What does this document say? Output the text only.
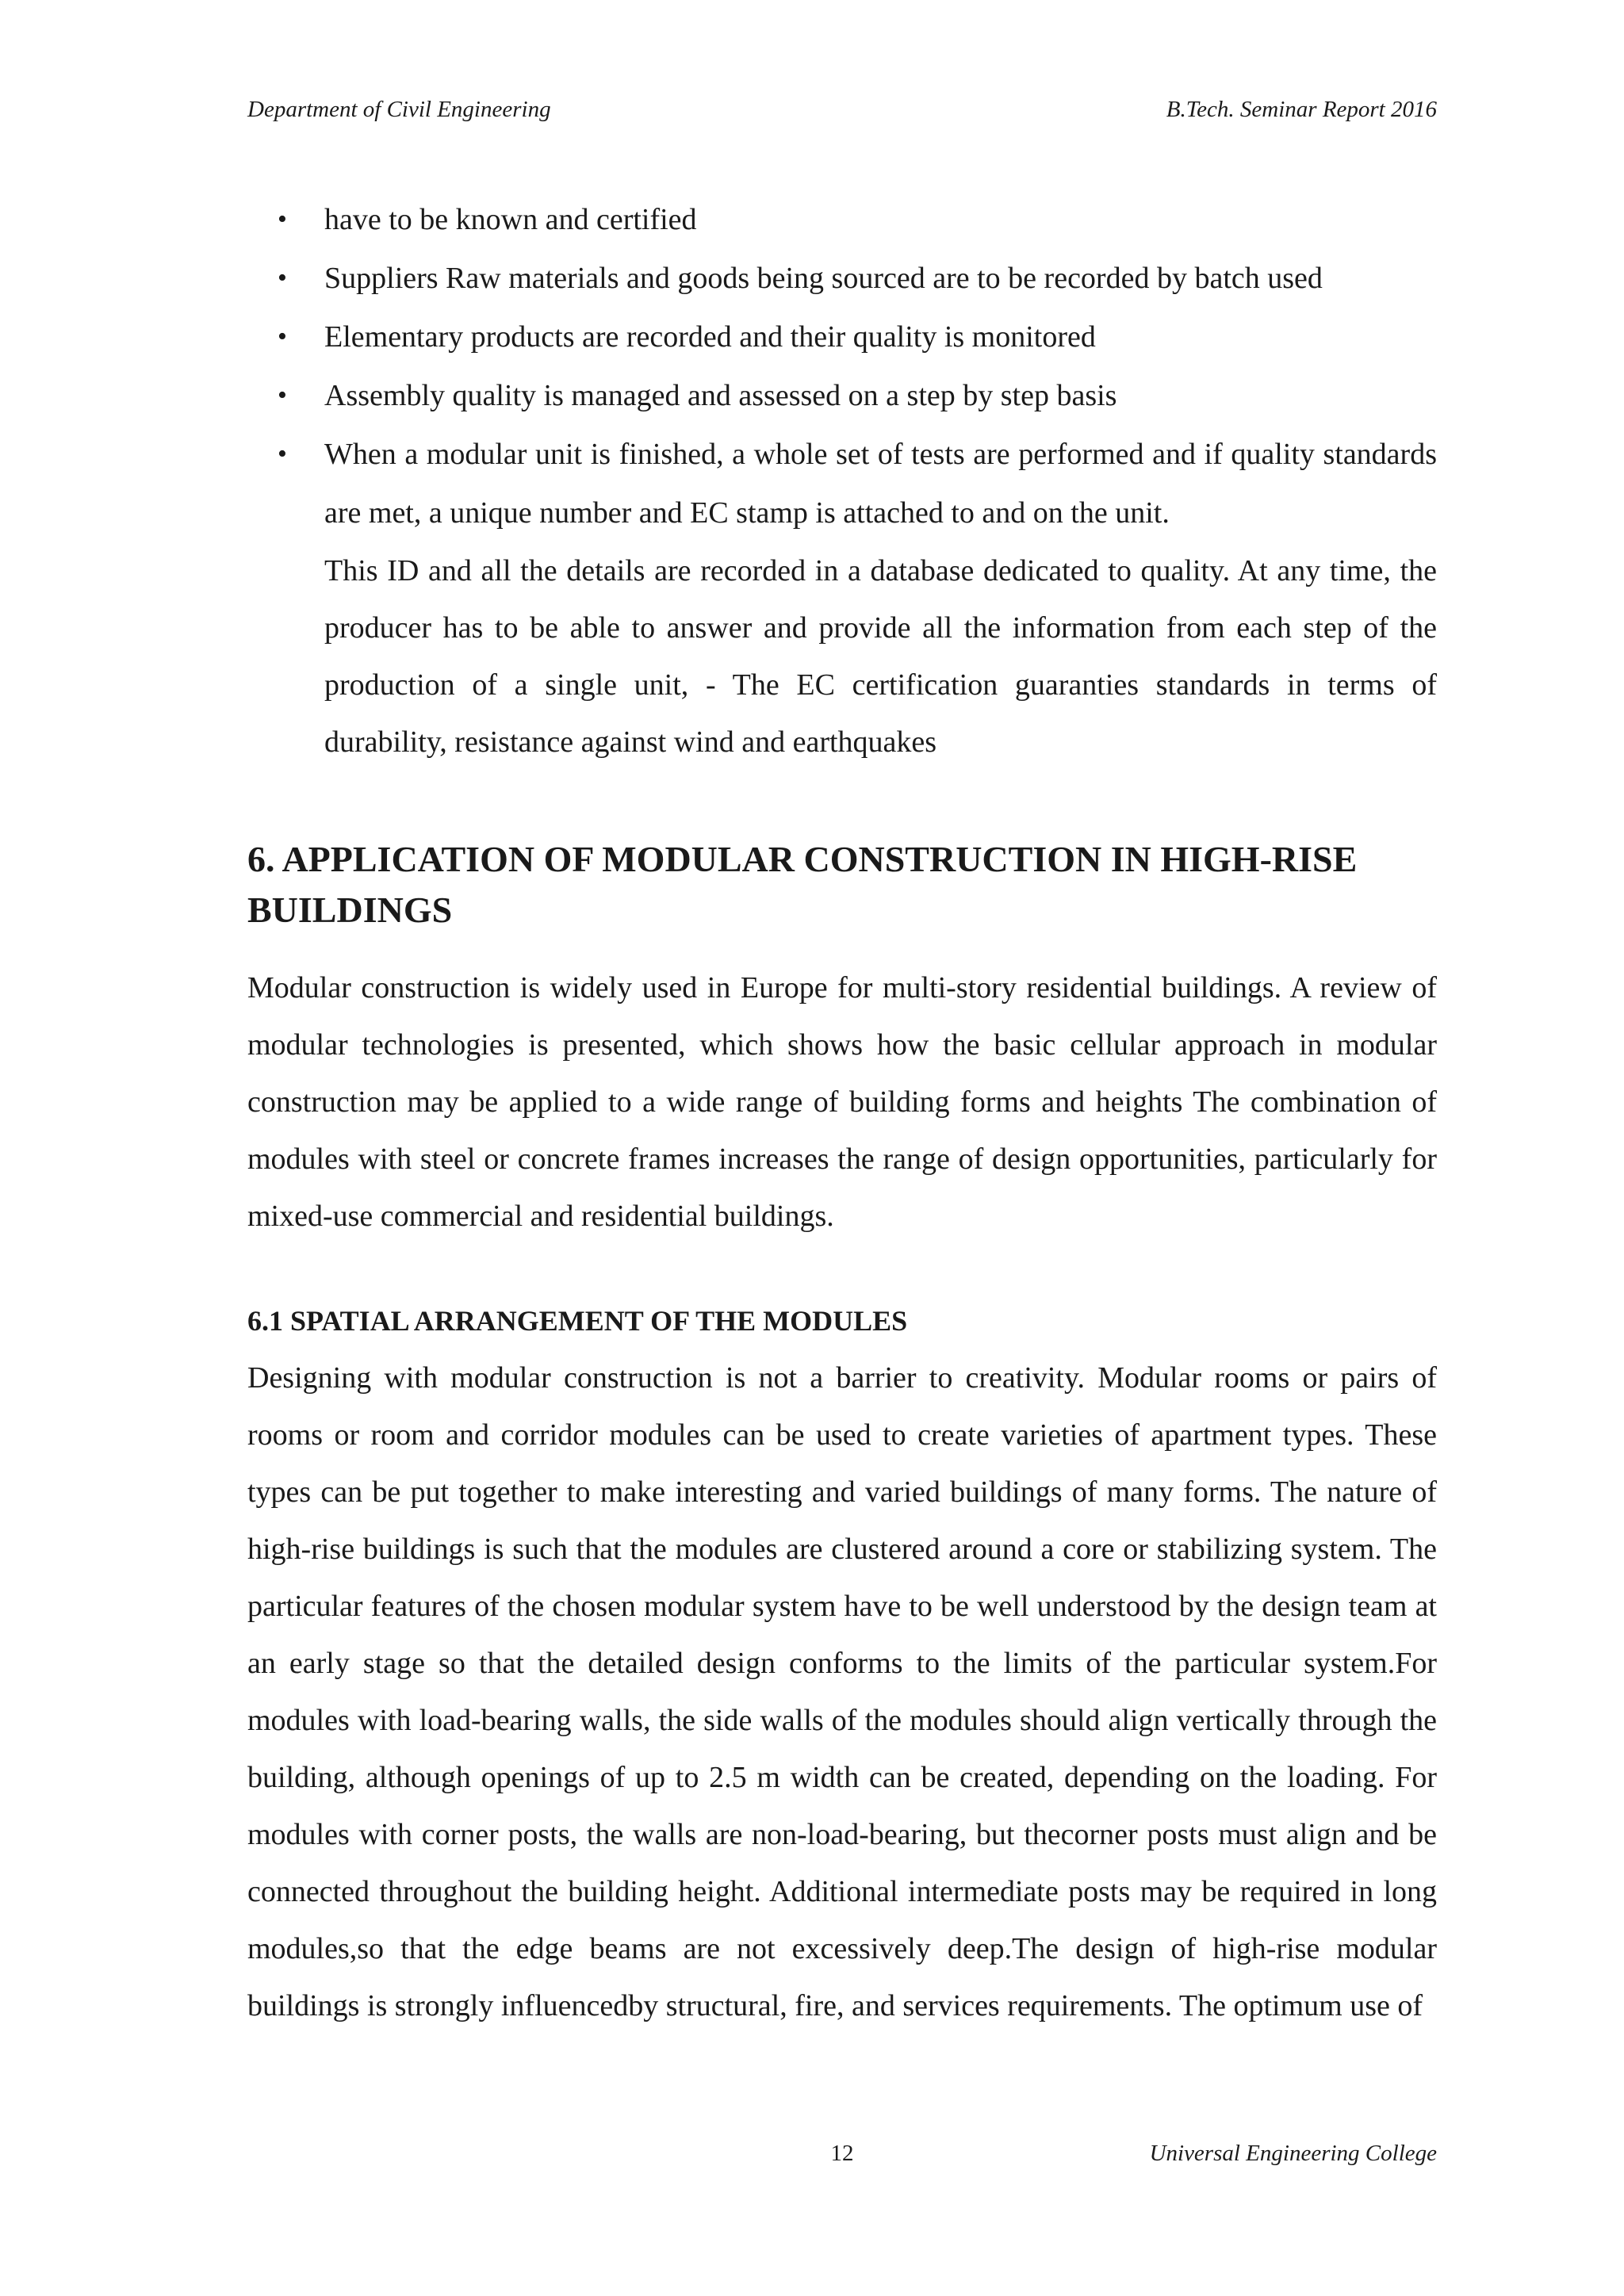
Department of Civil Engineering	B.Tech. Seminar Report 2016
• have to be known and certified
• Suppliers Raw materials and goods being sourced are to be recorded by batch used
• Elementary products are recorded and their quality is monitored
• Assembly quality is managed and assessed on a step by step basis
• When a modular unit is finished, a whole set of tests are performed and if quality standards are met, a unique number and EC stamp is attached to and on the unit.

This ID and all the details are recorded in a database dedicated to quality. At any time, the producer has to be able to answer and provide all the information from each step of the production of a single unit, - The EC certification guaranties standards in terms of durability, resistance against wind and earthquakes

6. APPLICATION OF MODULAR CONSTRUCTION IN HIGH-RISE BUILDINGS

Modular construction is widely used in Europe for multi-story residential buildings. A review of modular technologies is presented, which shows how the basic cellular approach in modular construction may be applied to a wide range of building forms and heights The combination of modules with steel or concrete frames increases the range of design opportunities, particularly for mixed-use commercial and residential buildings.

6.1 SPATIAL ARRANGEMENT OF THE MODULES

Designing with modular construction is not a barrier to creativity. Modular rooms or pairs of rooms or room and corridor modules can be used to create varieties of apartment types. These types can be put together to make interesting and varied buildings of many forms. The nature of high-rise buildings is such that the modules are clustered around a core or stabilizing system. The particular features of the chosen modular system have to be well understood by the design team at an early stage so that the detailed design conforms to the limits of the particular system.For modules with load-bearing walls, the side walls of the modules should align vertically through the building, although openings of up to 2.5 m width can be created, depending on the loading. For modules with corner posts, the walls are non-load-bearing, but thecorner posts must align and be connected throughout the building height. Additional intermediate posts may be required in long modules,so that the edge beams are not excessively deep.The design of high-rise modular buildings is strongly influencedby structural, fire, and services requirements. The optimum use of

12	Universal Engineering College
